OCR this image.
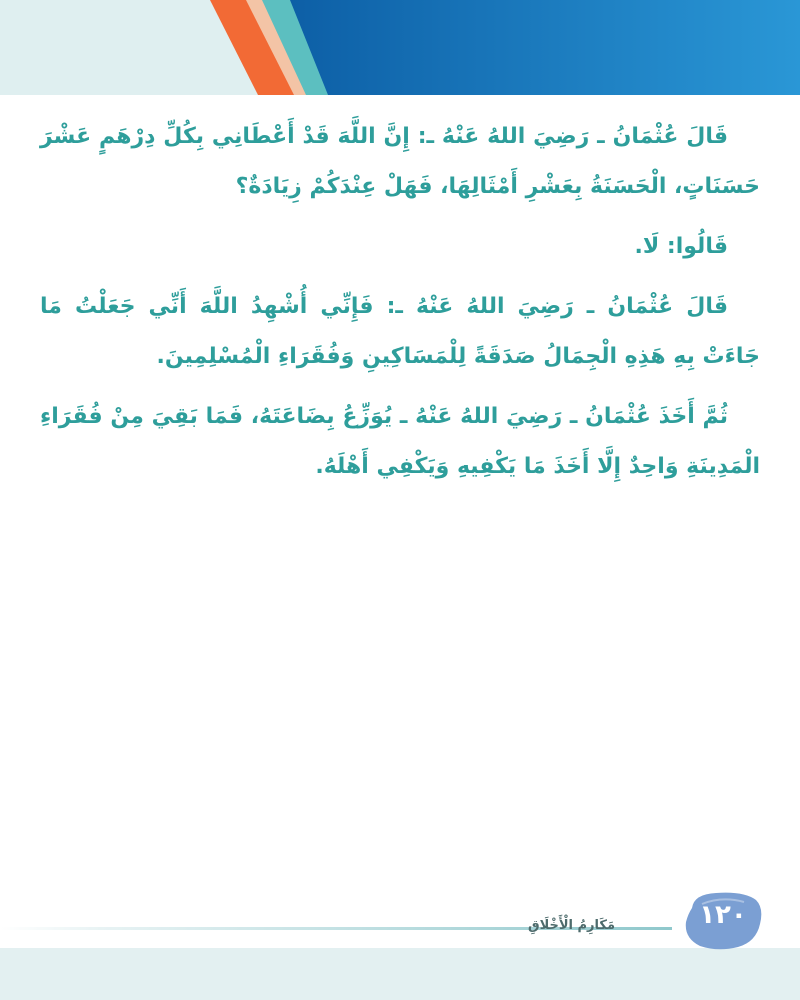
قَالَ عُثْمَانُ ـ رَضِيَ اللهُ عَنْهُ ـ: إِنَّ اللَّهَ قَدْ أَعْطَانِي بِكُلِّ دِرْهَمٍ عَشْرَ حَسَنَاتٍ، الْحَسَنَةُ بِعَشْرِ أَمْثَالِهَا، فَهَلْ عِنْدَكُمْ زِيَادَةٌ؟

قَالُوا: لَا.

قَالَ عُثْمَانُ ـ رَضِيَ اللهُ عَنْهُ ـ: فَإِنِّي أُشْهِدُ اللَّهَ أَنِّي جَعَلْتُ مَا جَاءَتْ بِهِ هَذِهِ الْجِمَالُ صَدَقَةً لِلْمَسَاكِينِ وَفُقَرَاءِ الْمُسْلِمِينَ.

ثُمَّ أَخَذَ عُثْمَانُ ـ رَضِيَ اللهُ عَنْهُ ـ يُوَزِّعُ بِضَاعَتَهُ، فَمَا بَقِيَ مِنْ فُقَرَاءِ الْمَدِينَةِ وَاحِدٌ إِلَّا أَخَذَ مَا يَكْفِيهِ وَيَكْفِي أَهْلَهُ.

مَكَارِمُ الْأَخْلَاقِ	١٢٠
